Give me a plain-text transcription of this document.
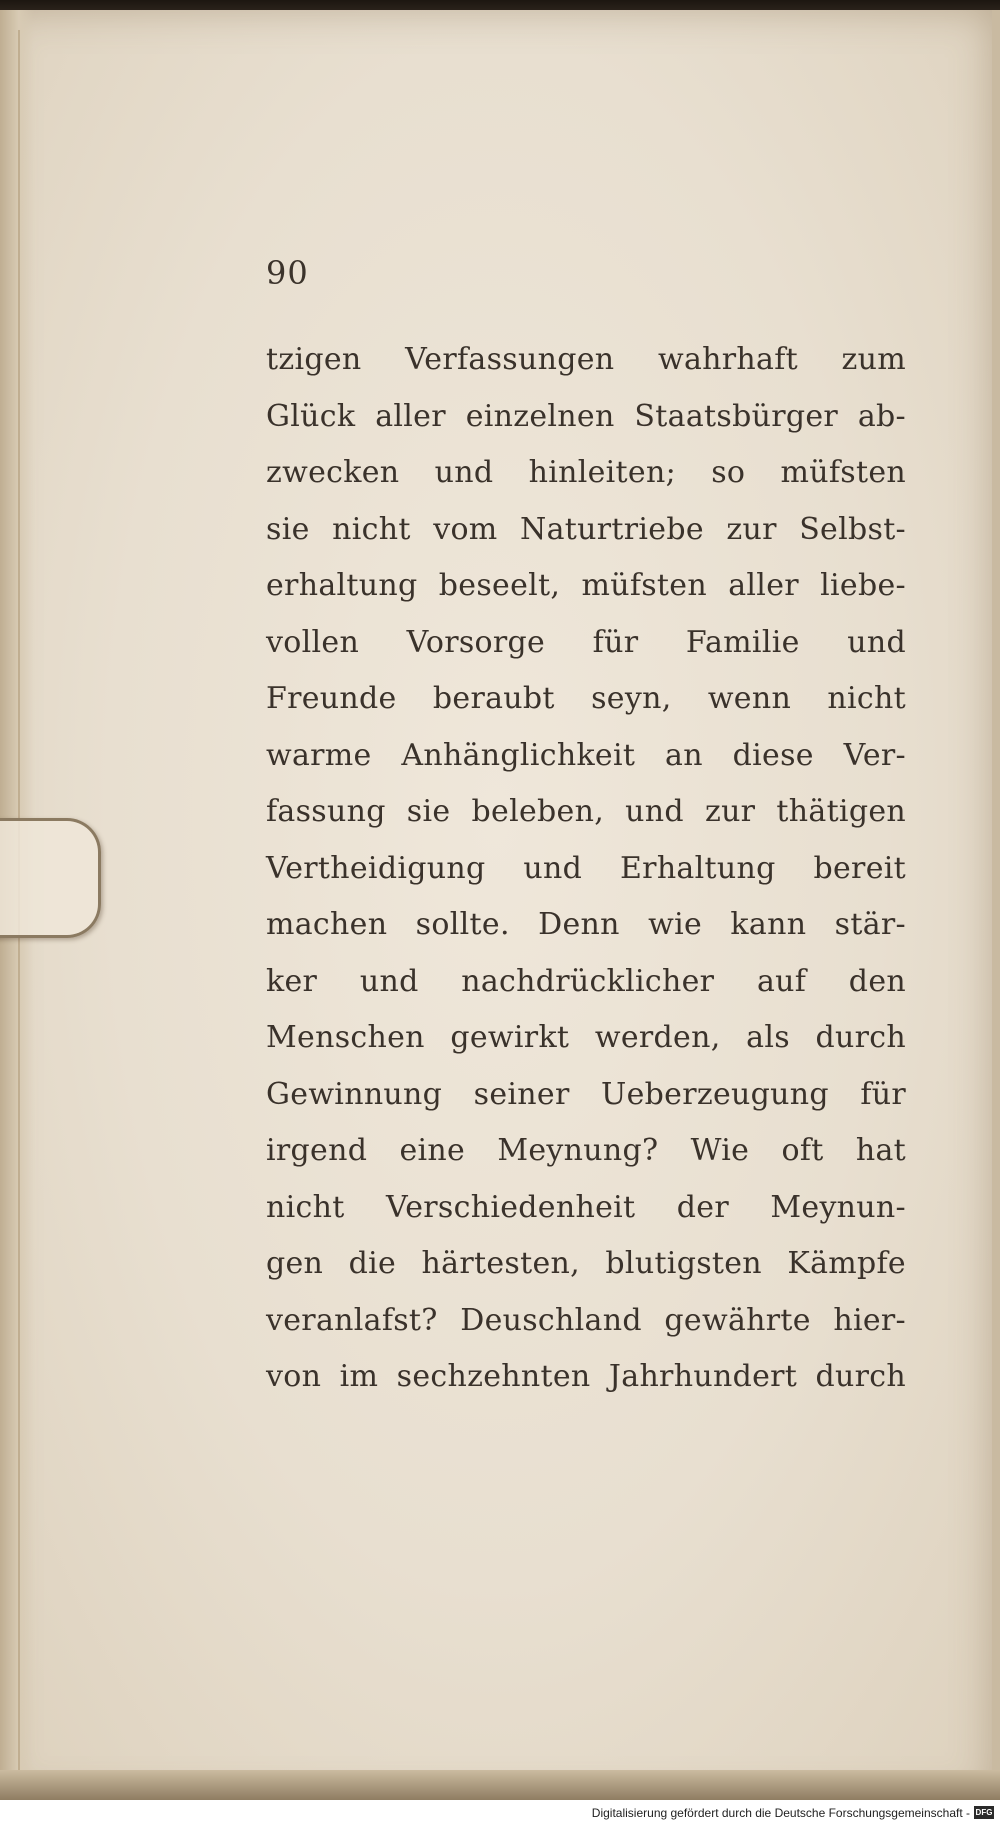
90

tzigen Verfassungen wahrhaft zum
Glück aller einzelnen Staatsbürger ab-
zwecken und hinleiten; so müfsten
sie nicht vom Naturtriebe zur Selbst-
erhaltung beseelt, müfsten aller liebe-
vollen Vorsorge für Familie und
Freunde beraubt seyn, wenn nicht
warme Anhänglichkeit an diese Ver-
fassung sie beleben, und zur thätigen
Vertheidigung und Erhaltung bereit
machen sollte. Denn wie kann stär-
ker und nachdrücklicher auf den
Menschen gewirkt werden, als durch
Gewinnung seiner Ueberzeugung für
irgend eine Meynung? Wie oft hat
nicht Verschiedenheit der Meynun-
gen die härtesten, blutigsten Kämpfe
veranlafst? Deuschland gewährte hier-
von im sechzehnten Jahrhundert durch
Digitalisierung gefördert durch die Deutsche Forschungsgemeinschaft - DFG
